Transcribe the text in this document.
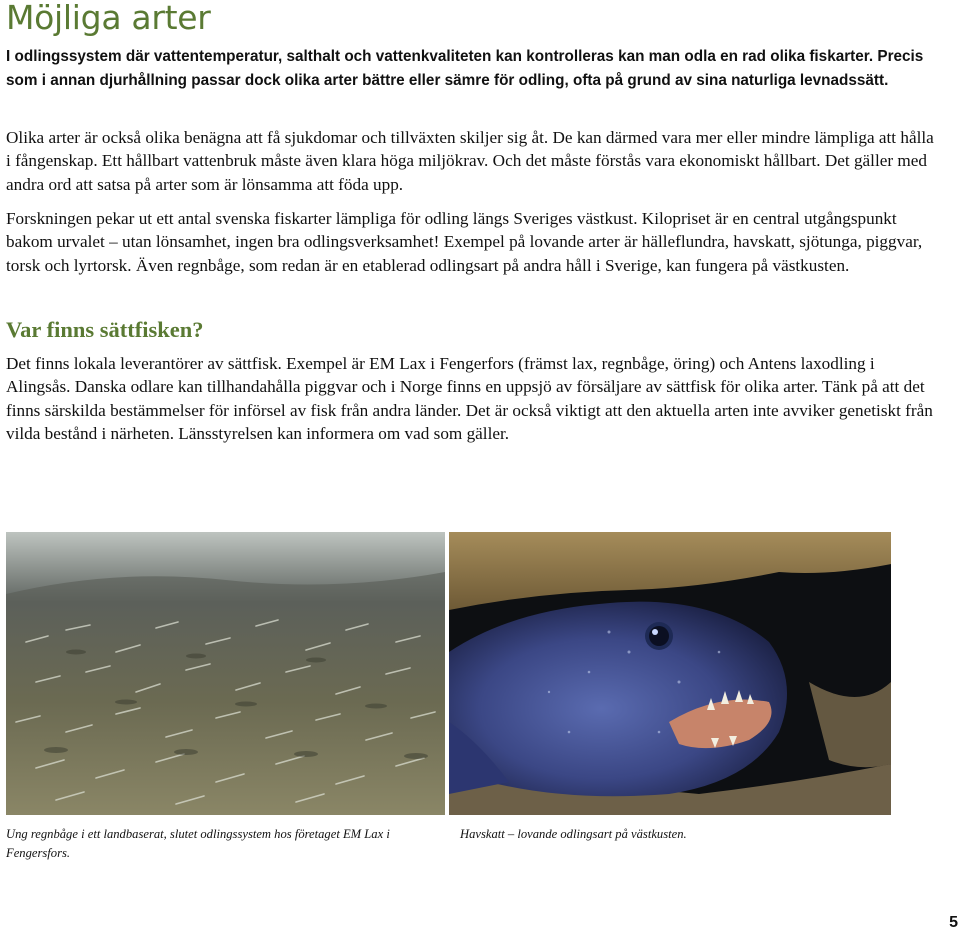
Möjliga arter

I odlingssystem där vattentemperatur, salthalt och vattenkvaliteten kan kontrolleras kan man odla en rad olika fiskarter. Precis som i annan djurhållning passar dock olika arter bättre eller sämre för odling, ofta på grund av sina naturliga levnadssätt.

Olika arter är också olika benägna att få sjukdomar och tillväxten skiljer sig åt. De kan därmed vara mer eller mindre lämpliga att hålla i fångenskap. Ett hållbart vattenbruk måste även klara höga miljökrav. Och det måste förstås vara ekonomiskt hållbart. Det gäller med andra ord att satsa på arter som är lönsamma att föda upp.

Forskningen pekar ut ett antal svenska fiskarter lämpliga för odling längs Sveriges västkust. Kilopriset är en central utgångspunkt bakom urvalet – utan lönsamhet, ingen bra odlingsverksamhet! Exempel på lovande arter är hälleflundra, havskatt, sjötunga, piggvar, torsk och lyrtorsk. Även regnbåge, som redan är en etablerad odlingsart på andra håll i Sverige, kan fungera på västkusten.

Var finns sättfisken?

Det finns lokala leverantörer av sättfisk. Exempel är EM Lax i Fengerfors (främst lax, regnbåge, öring) och Antens laxodling i Alingsås. Danska odlare kan tillhandahålla piggvar och i Norge finns en uppsjö av försäljare av sättfisk för olika arter. Tänk på att det finns särskilda bestämmelser för införsel av fisk från andra länder. Det är också viktigt att den aktuella arten inte avviker genetiskt från vilda bestånd i närheten. Länsstyrelsen kan informera om vad som gäller.

Ung regnbåge i ett landbaserat, slutet odlingssystem hos företaget EM Lax i Fengersfors.

Havskatt – lovande odlingsart på västkusten.

5
